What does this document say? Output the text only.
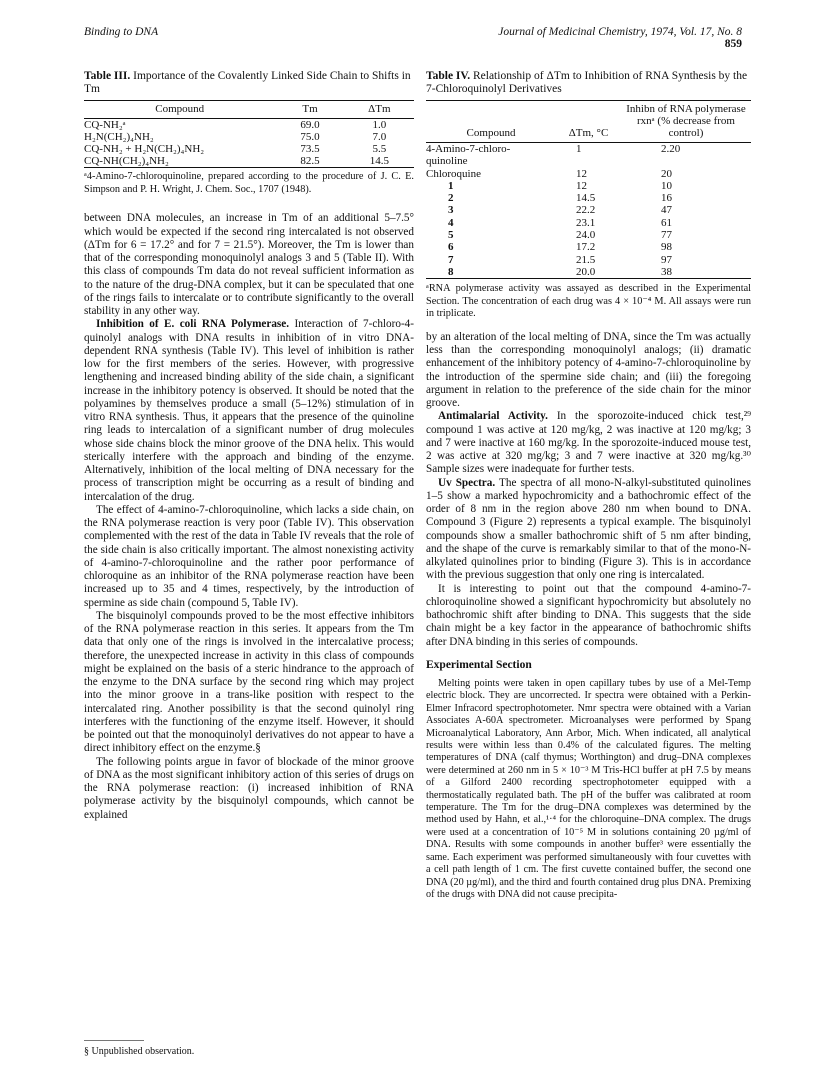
Binding to DNA	Journal of Medicinal Chemistry, 1974, Vol. 17, No. 8 859
Table III. Importance of the Covalently Linked Side Chain to Shifts in Tm
Compound	Tm	ΔTm
CQ-NH₂ᵃ	69.0	1.0
H₂N(CH₂)₄NH₂	75.0	7.0
CQ-NH₂ + H₂N(CH₂)₄NH₂	73.5	5.5
CQ-NH(CH₂)₄NH₂	82.5	14.5

ᵃ4-Amino-7-chloroquinoline, prepared according to the procedure of J. C. E. Simpson and P. H. Wright, J. Chem. Soc., 1707 (1948).

between DNA molecules, an increase in Tm of an additional 5–7.5° which would be expected if the second ring intercalated is not observed (ΔTm for 6 = 17.2° and for 7 = 21.5°). Moreover, the Tm is lower than that of the corresponding monoquinolyl analogs 3 and 5 (Table II). With this class of compounds Tm data do not reveal sufficient information as to the nature of the drug-DNA complex, but it can be speculated that one of the rings fails to intercalate or to contribute significantly to the overall stability in any other way.

Inhibition of E. coli RNA Polymerase. Interaction of 7-chloro-4-quinolyl analogs with DNA results in inhibition of in vitro DNA-dependent RNA synthesis (Table IV). This level of inhibition is rather low for the first members of the series. However, with progressive lengthening and increased binding ability of the side chain, a significant increase in the inhibitory potency is observed. It should be noted that the polyamines by themselves produce a small (5–12%) stimulation of in vitro RNA synthesis. Thus, it appears that the presence of the quinoline ring leads to intercalation of a significant number of drug molecules whose side chains block the minor groove of the DNA helix. This would sterically interfere with the approach and binding of the enzyme. Alternatively, inhibition of the local melting of DNA necessary for the process of transcription might be occurring as a result of binding and intercalation of the drug.

The effect of 4-amino-7-chloroquinoline, which lacks a side chain, on the RNA polymerase reaction is very poor (Table IV). This observation complemented with the rest of the data in Table IV reveals that the role of the side chain is also critically important. The almost nonexisting activity of 4-amino-7-chloroquinoline and the rather poor performance of chloroquine as an inhibitor of the RNA polymerase reaction have been increased up to 35 and 4 times, respectively, by the introduction of spermine as side chain (compound 5, Table IV).

The bisquinolyl compounds proved to be the most effective inhibitors of the RNA polymerase reaction in this series. It appears from the Tm data that only one of the rings is involved in the intercalative process; therefore, the unexpected increase in activity in this class of compounds might be explained on the basis of a steric hindrance to the approach of the enzyme to the DNA surface by the second ring which may project into the minor groove in a trans-like position with respect to the intercalated ring. Another possibility is that the second quinolyl ring interferes with the functioning of the enzyme itself. However, it should be pointed out that the monoquinolyl derivatives do not appear to have a direct inhibitory effect on the enzyme.§

The following points argue in favor of blockade of the minor groove of DNA as the most significant inhibitory action of this series of drugs on the RNA polymerase reaction: (i) increased inhibition of RNA polymerase activity by the bisquinolyl compounds, which cannot be explained

Table IV. Relationship of ΔTm to Inhibition of RNA Synthesis by the 7-Chloroquinolyl Derivatives
Compound	ΔTm, °C	Inhibn of RNA polymerase rxnᵃ (% decrease from control)
4-Amino-7-chloro-quinoline	1	2.20
Chloroquine	12	20
1	12	10
2	14.5	16
3	22.2	47
4	23.1	61
5	24.0	77
6	17.2	98
7	21.5	97
8	20.0	38

ᵃRNA polymerase activity was assayed as described in the Experimental Section. The concentration of each drug was 4 × 10⁻⁴ M. All assays were run in triplicate.

by an alteration of the local melting of DNA, since the Tm was actually less than the corresponding monoquinolyl analogs; (ii) dramatic enhancement of the inhibitory potency of 4-amino-7-chloroquinoline by the introduction of the spermine side chain; and (iii) the foregoing argument in relation to the preference of the side chain for the minor groove.

Antimalarial Activity. In the sporozoite-induced chick test,²⁹ compound 1 was active at 120 mg/kg, 2 was inactive at 120 mg/kg; 3 and 7 were inactive at 160 mg/kg. In the sporozoite-induced mouse test, 2 was active at 320 mg/kg; 3 and 7 were inactive at 320 mg/kg.³⁰ Sample sizes were inadequate for further tests.

Uv Spectra. The spectra of all mono-N-alkyl-substituted quinolines 1–5 show a marked hypochromicity and a bathochromic effect of the order of 8 nm in the region above 280 nm when bound to DNA. Compound 3 (Figure 2) represents a typical example. The bisquinolyl compounds show a smaller bathochromic shift of 5 nm after binding, and the shape of the curve is remarkably similar to that of the mono-N-alkylated quinolines prior to binding (Figure 3). This is in accordance with the previous suggestion that only one ring is intercalated.

It is interesting to point out that the compound 4-amino-7-chloroquinoline showed a significant hypochromicity but absolutely no bathochromic shift after binding to DNA. This suggests that the side chain might be a key factor in the appearance of bathochromic shifts after DNA binding in this series of compounds.

Experimental Section

Melting points were taken in open capillary tubes by use of a Mel-Temp electric block. They are uncorrected. Ir spectra were obtained with a Perkin-Elmer Infracord spectrophotometer. Nmr spectra were obtained with a Varian Associates A-60A spectrometer. Microanalyses were performed by Spang Microanalytical Laboratory, Ann Arbor, Mich. When indicated, all analytical results were within less than 0.4% of the calculated figures. The melting temperatures of DNA (calf thymus; Worthington) and drug–DNA complexes were determined at 260 nm in 5 × 10⁻³ M Tris-HCl buffer at pH 7.5 by means of a Gilford 2400 recording spectrophotometer equipped with a thermostatically regulated bath. The pH of the buffer was calibrated at room temperature. The Tm for the drug–DNA complexes was determined by the method used by Hahn, et al.,¹·⁴ for the chloroquine–DNA complex. The drugs were used at a concentration of 10⁻⁵ M in solutions containing 20 µg/ml of DNA. Results with some compounds in another buffer³ were essentially the same. Each experiment was performed simultaneously with four cuvettes with a cell path length of 1 cm. The first cuvette contained buffer, the second one DNA (20 µg/ml), and the third and fourth contained drug plus DNA. Premixing of the drugs with DNA did not cause precipita-

§ Unpublished observation.
